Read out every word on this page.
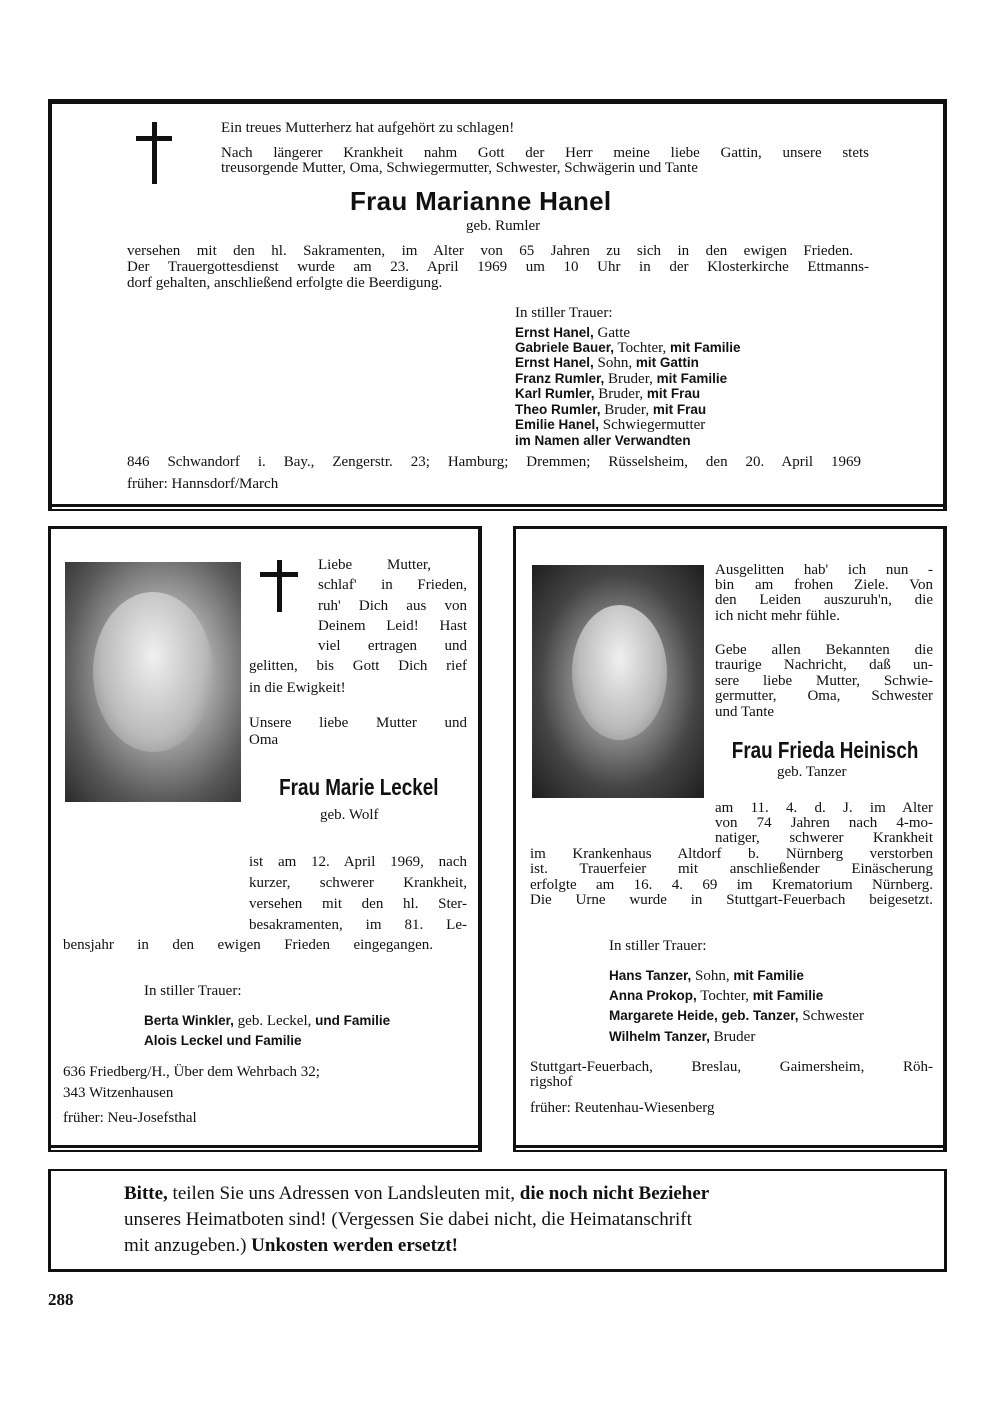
Ein treues Mutterherz hat aufgehört zu schlagen!
Nach längerer Krankheit nahm Gott der Herr meine liebe Gattin, unsere stets
treusorgende Mutter, Oma, Schwiegermutter, Schwester, Schwägerin und Tante
Frau Marianne Hanel
geb. Rumler
versehen mit den hl. Sakramenten, im Alter von 65 Jahren zu sich in den ewigen Frieden.
Der Trauergottesdienst wurde am 23. April 1969 um 10 Uhr in der Klosterkirche Ettmanns-
dorf gehalten, anschließend erfolgte die Beerdigung.
In stiller Trauer:
Ernst Hanel, Gatte
Gabriele Bauer, Tochter, mit Familie
Ernst Hanel, Sohn, mit Gattin
Franz Rumler, Bruder, mit Familie
Karl Rumler, Bruder, mit Frau
Theo Rumler, Bruder, mit Frau
Emilie Hanel, Schwiegermutter
im Namen aller Verwandten
846 Schwandorf i. Bay., Zengerstr. 23; Hamburg; Dremmen; Rüsselsheim, den 20. April 1969
früher: Hannsdorf/March
Liebe Mutter,
schlaf' in Frieden,
ruh' Dich aus von
Deinem Leid! Hast
viel ertragen und
gelitten, bis Gott Dich rief
in die Ewigkeit!
Unsere liebe Mutter und
Oma
Frau Marie Leckel
geb. Wolf
ist am 12. April 1969, nach
kurzer, schwerer Krankheit,
versehen mit den hl. Ster-
besakramenten, im 81. Le-
bensjahr in den ewigen Frieden eingegangen.
In stiller Trauer:
Berta Winkler, geb. Leckel, und Familie
Alois Leckel und Familie
636 Friedberg/H., Über dem Wehrbach 32;
343 Witzenhausen
früher: Neu-Josefsthal
Ausgelitten hab' ich nun -
bin am frohen Ziele. Von
den Leiden auszuruh'n, die
ich nicht mehr fühle.
Gebe allen Bekannten die
traurige Nachricht, daß un-
sere liebe Mutter, Schwie-
germutter, Oma, Schwester
und Tante
Frau Frieda Heinisch
geb. Tanzer
am 11. 4. d. J. im Alter
von 74 Jahren nach 4-mo-
natiger, schwerer Krankheit
im Krankenhaus Altdorf b. Nürnberg verstorben
ist. Trauerfeier mit anschließender Einäscherung
erfolgte am 16. 4. 69 im Krematorium Nürnberg.
Die Urne wurde in Stuttgart-Feuerbach beigesetzt.
In stiller Trauer:
Hans Tanzer, Sohn, mit Familie
Anna Prokop, Tochter, mit Familie
Margarete Heide, geb. Tanzer, Schwester
Wilhelm Tanzer, Bruder
Stuttgart-Feuerbach, Breslau, Gaimersheim, Röh-
rigshof
früher: Reutenhau-Wiesenberg
Bitte, teilen Sie uns Adressen von Landsleuten mit, die noch nicht Bezieher
unseres Heimatboten sind! (Vergessen Sie dabei nicht, die Heimatanschrift
mit anzugeben.) Unkosten werden ersetzt!
288
